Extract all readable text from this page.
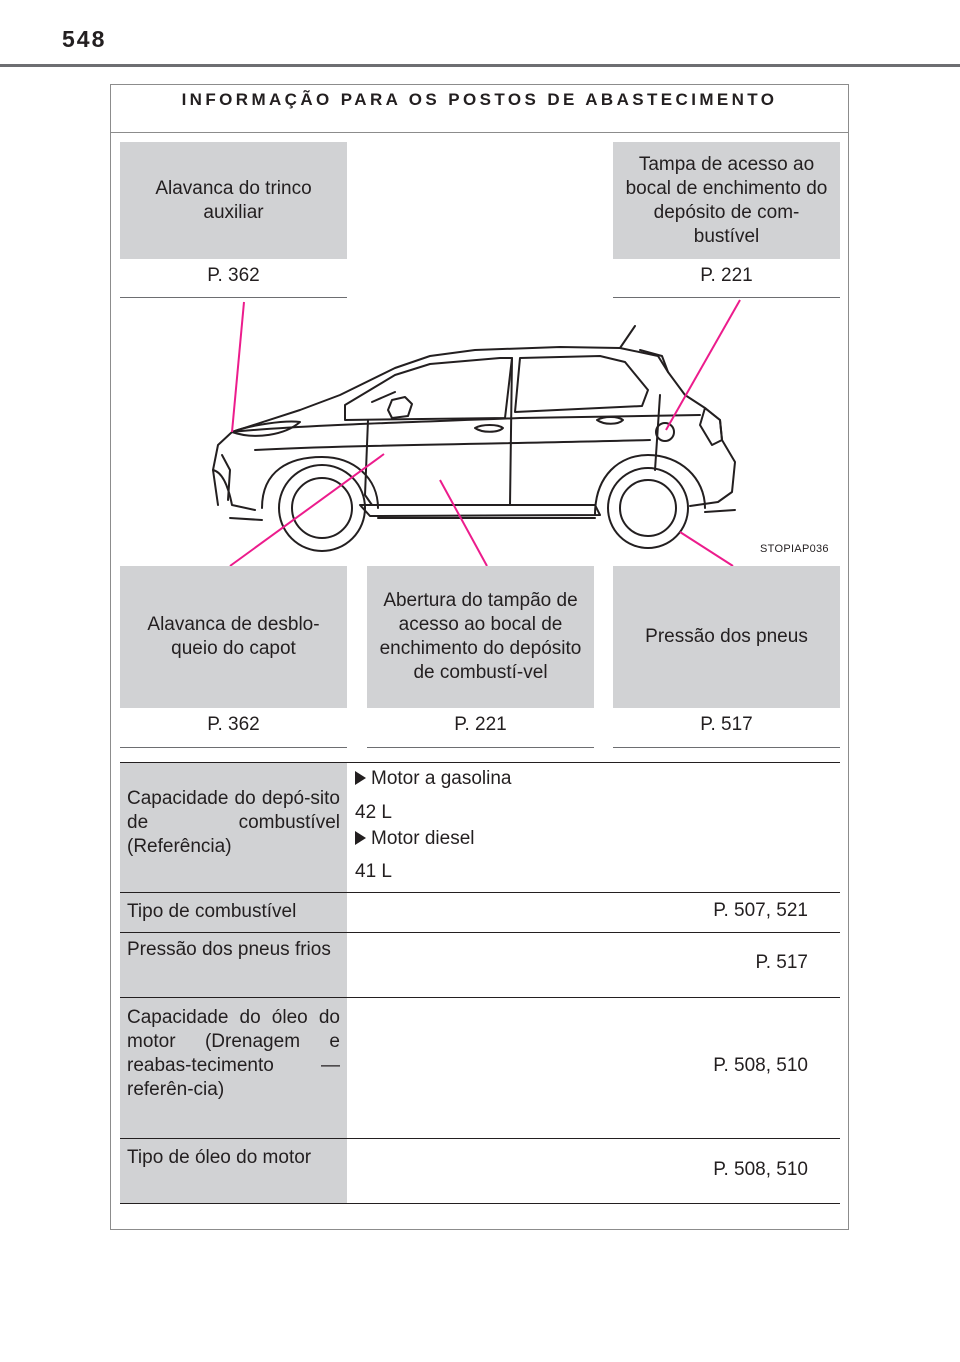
548
INFORMAÇÃO PARA OS POSTOS DE ABASTECIMENTO
Alavanca do trinco auxiliar
P. 362
Tampa de acesso ao bocal de enchimento do depósito de com-bustível
P. 221
STOPIAP036
Alavanca de desblo-queio do capot
P. 362
Abertura do tampão de acesso ao bocal de enchimento do depósito de combustí-vel
P. 221
Pressão dos pneus
P. 517
Capacidade do depó-sito de combustível (Referência)
Motor a gasolina
42 L
Motor diesel
41 L
Tipo de combustível	P. 507, 521
Pressão dos pneus frios
P. 517
Capacidade do óleo do motor (Drenagem e reabas-tecimento — referên-cia)
P. 508, 510
Tipo de óleo do motor
P. 508, 510
